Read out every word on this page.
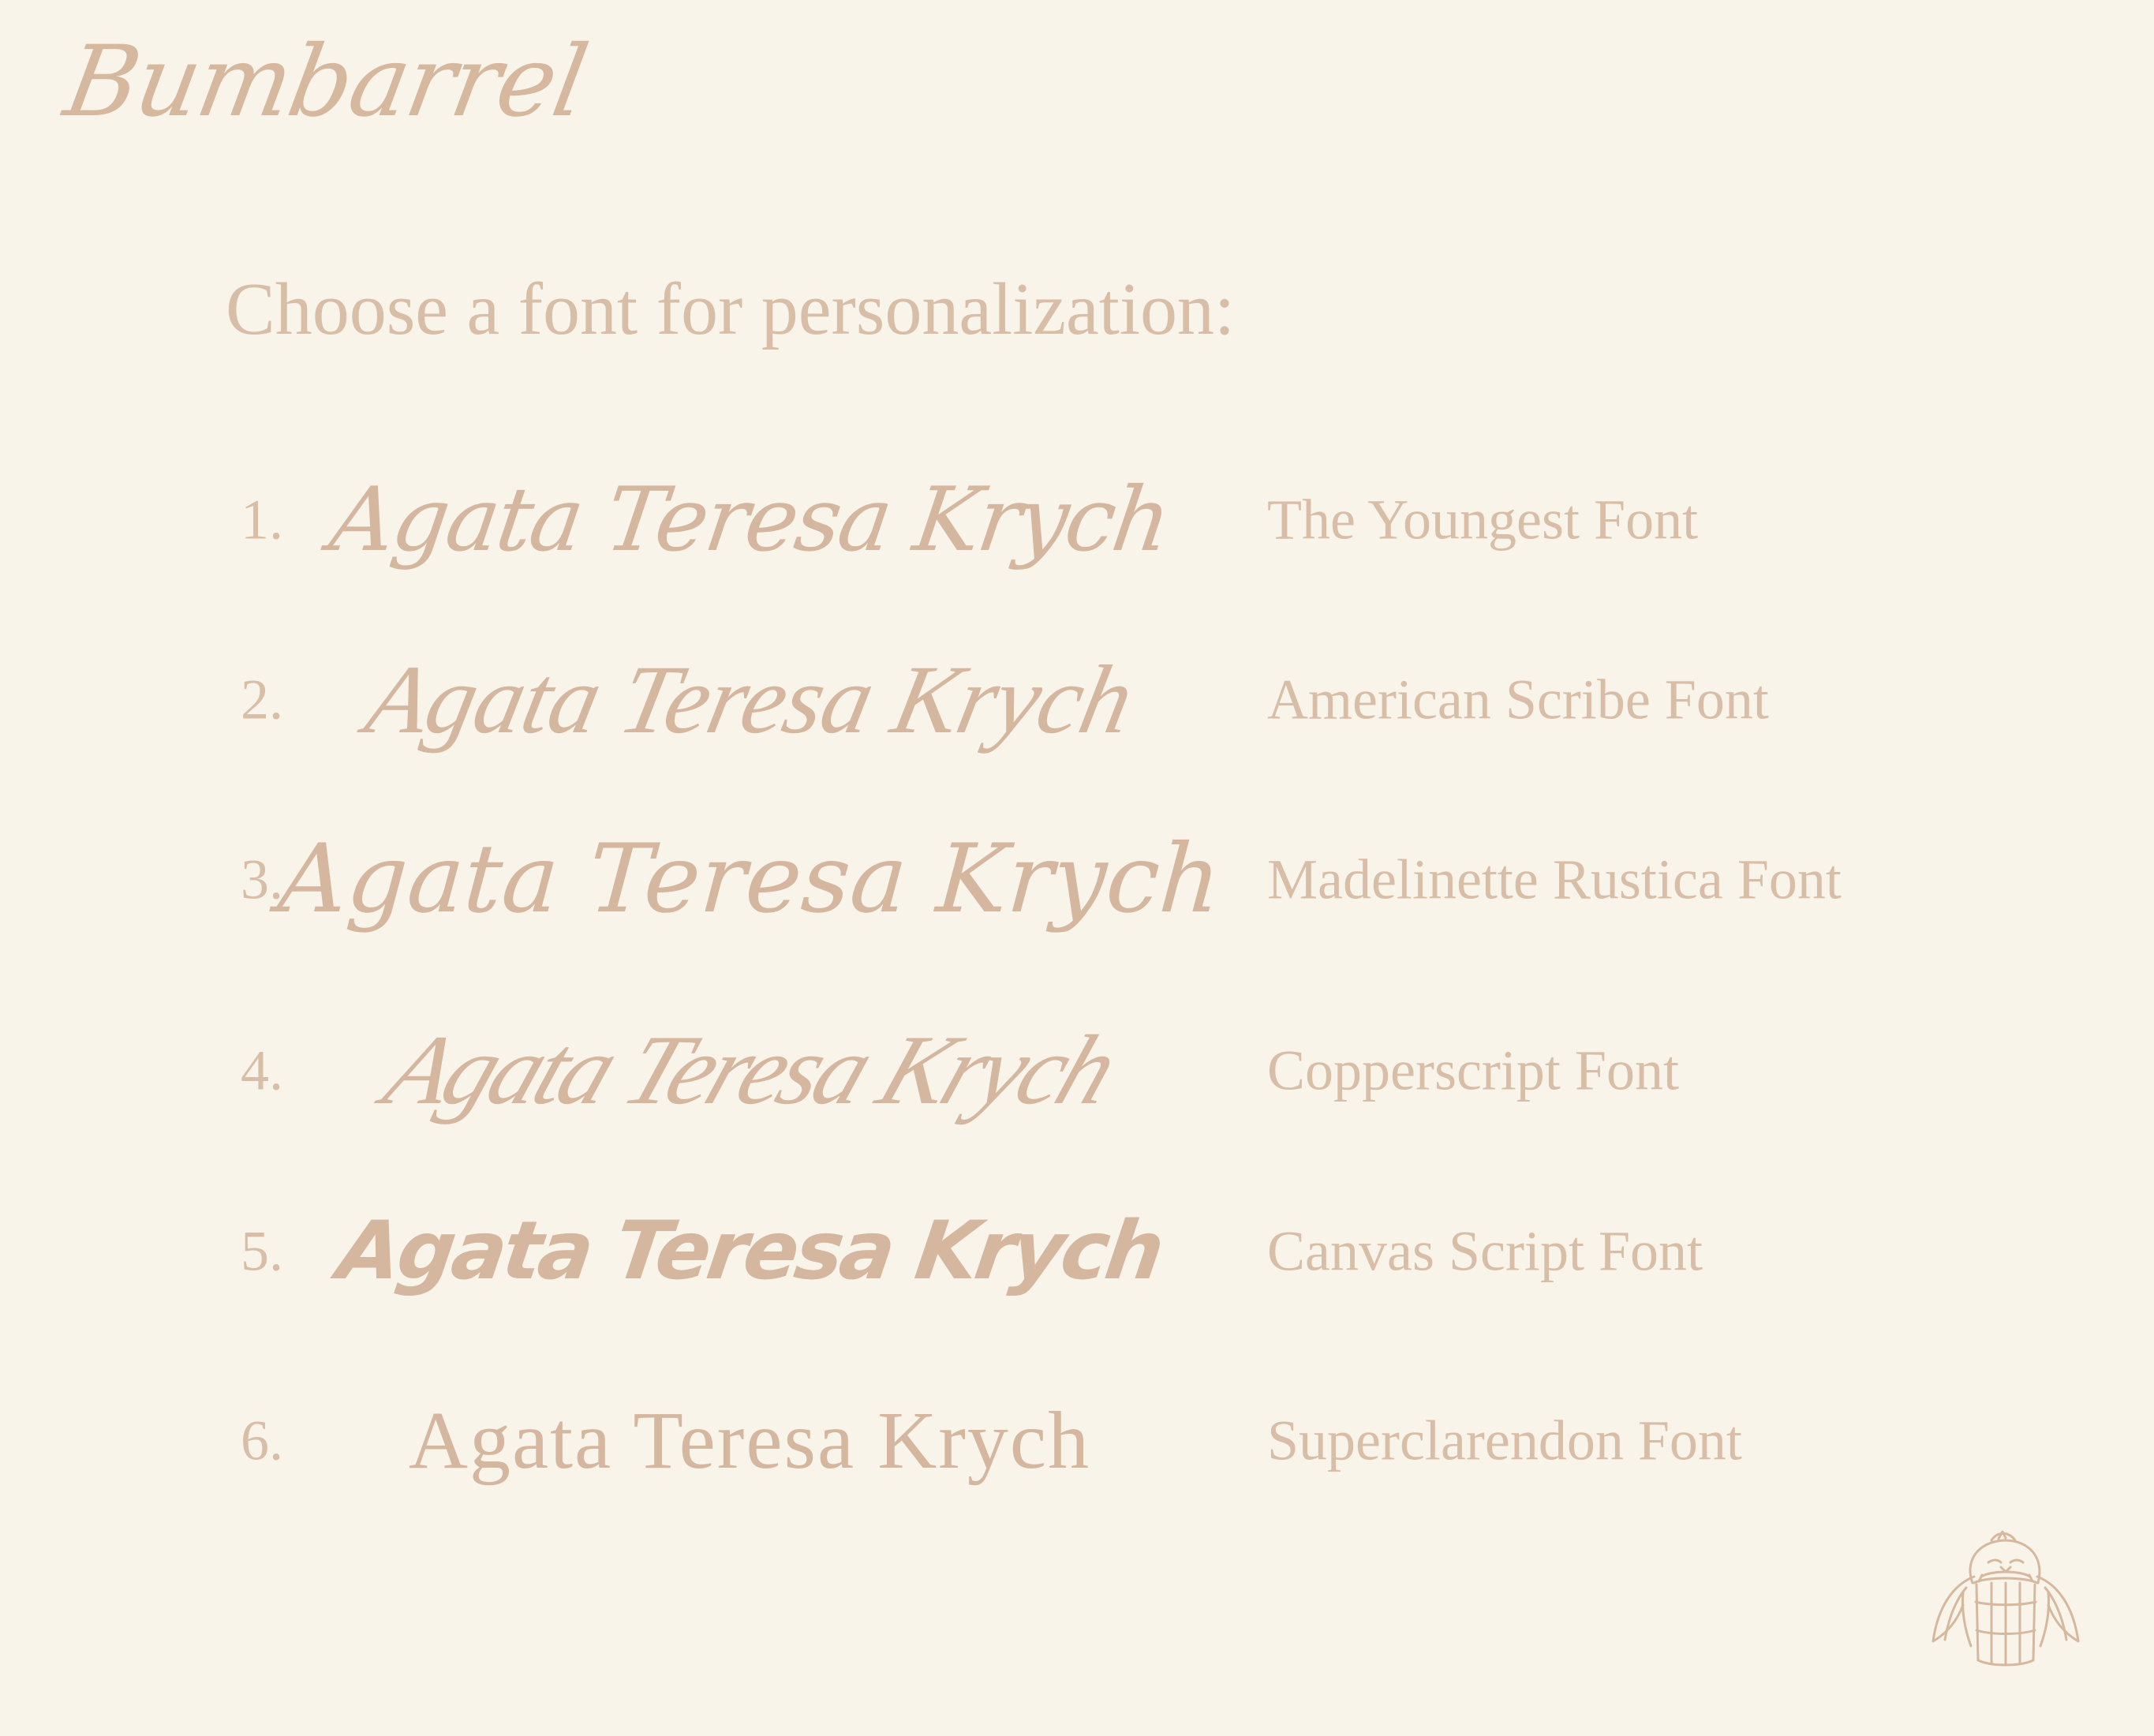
Bumbarrel
Choose a font for personalization:
1. Agata Teresa Krych The Youngest Font
2. Agata Teresa Krych American Scribe Font
3.
Agata Teresa Krych Madelinette Rustica Font
4. Agata Teresa Krych Copperscript Font
5. Agata Teresa Krych Canvas Script Font
6. Agata Teresa Krych	Superclarendon Font
